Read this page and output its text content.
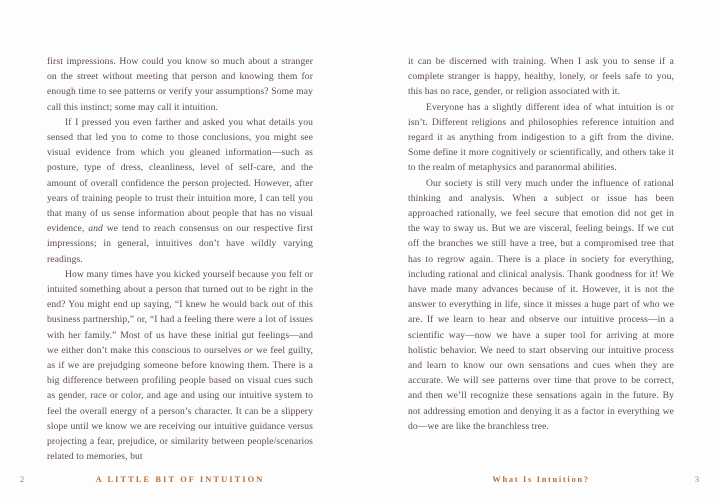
first impressions. How could you know so much about a stranger on the street without meeting that person and knowing them for enough time to see patterns or verify your assumptions? Some may call this instinct; some may call it intuition.

If I pressed you even farther and asked you what details you sensed that led you to come to those conclusions, you might see visual evidence from which you gleaned information—such as posture, type of dress, cleanliness, level of self-care, and the amount of overall confidence the person projected. However, after years of training people to trust their intuition more, I can tell you that many of us sense information about people that has no visual evidence, and we tend to reach consensus on our respective first impressions; in general, intuitives don’t have wildly varying readings.

How many times have you kicked yourself because you felt or intuited something about a person that turned out to be right in the end? You might end up saying, “I knew he would back out of this business partnership,” or, “I had a feeling there were a lot of issues with her family.” Most of us have these initial gut feelings—and we either don’t make this conscious to ourselves or we feel guilty, as if we are prejudging someone before knowing them. There is a big difference between profiling people based on visual cues such as gender, race or color, and age and using our intuitive system to feel the overall energy of a person’s character. It can be a slippery slope until we know we are receiving our intuitive guidance versus projecting a fear, prejudice, or similarity between people/scenarios related to memories, but

2	A LITTLE BIT OF INTUITION

it can be discerned with training. When I ask you to sense if a complete stranger is happy, healthy, lonely, or feels safe to you, this has no race, gender, or religion associated with it.

Everyone has a slightly different idea of what intuition is or isn’t. Different religions and philosophies reference intuition and regard it as anything from indigestion to a gift from the divine. Some define it more cognitively or scientifically, and others take it to the realm of metaphysics and paranormal abilities.

Our society is still very much under the influence of rational thinking and analysis. When a subject or issue has been approached rationally, we feel secure that emotion did not get in the way to sway us. But we are visceral, feeling beings. If we cut off the branches we still have a tree, but a compromised tree that has to regrow again. There is a place in society for everything, including rational and clinical analysis. Thank goodness for it! We have made many advances because of it. However, it is not the answer to everything in life, since it misses a huge part of who we are. If we learn to hear and observe our intuitive process—in a scientific way—now we have a super tool for arriving at more holistic behavior. We need to start observing our intuitive process and learn to know our own sensations and cues when they are accurate. We will see patterns over time that prove to be correct, and then we’ll recognize these sensations again in the future. By not addressing emotion and denying it as a factor in everything we do—we are like the branchless tree.

What Is Intuition?	3
